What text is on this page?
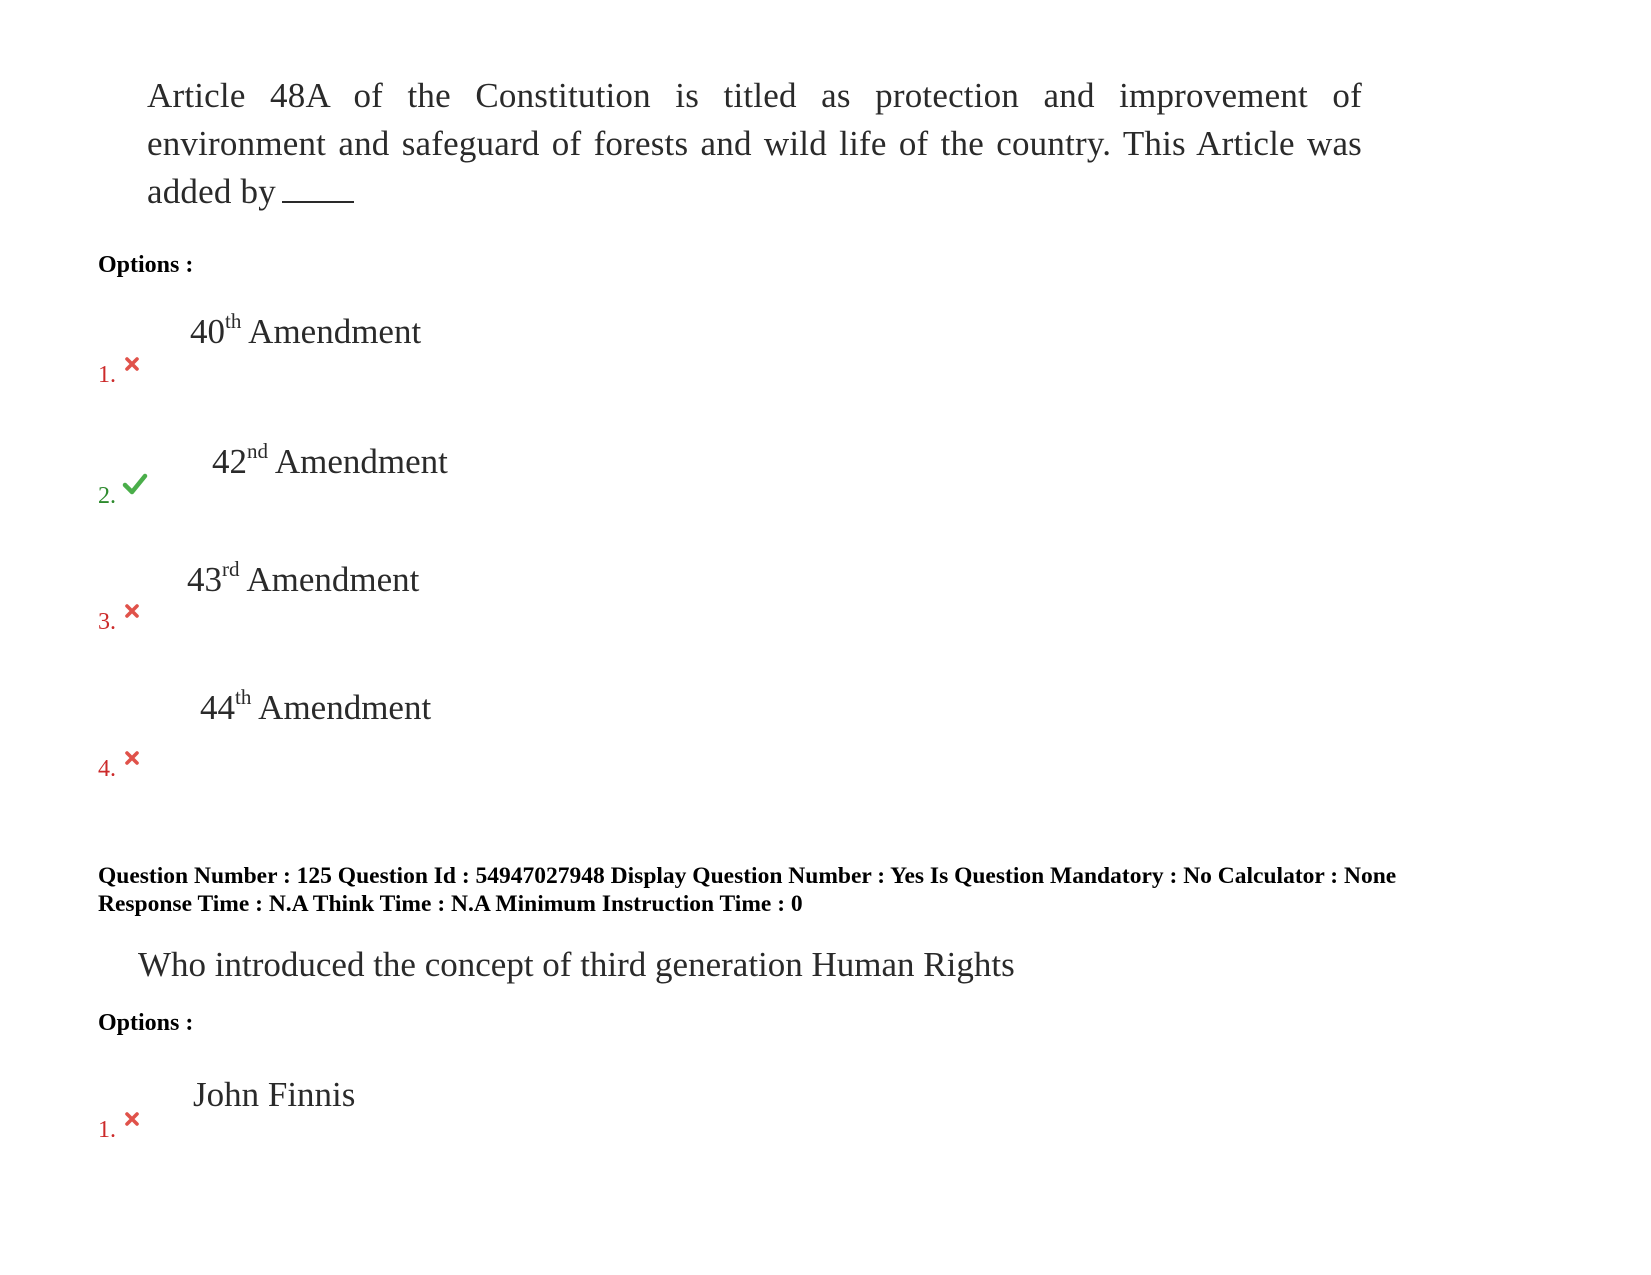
Article 48A of the Constitution is titled as protection and improvement of
environment and safeguard of forests and wild life of the country. This Article was
added by
Options :
40th Amendment
1.
42nd Amendment
2.
43rd Amendment
3.
44th Amendment
4.
Question Number : 125 Question Id : 54947027948 Display Question Number : Yes Is Question Mandatory : No Calculator : None
Response Time : N.A Think Time : N.A Minimum Instruction Time : 0
Who introduced the concept of third generation Human Rights
Options :
John Finnis
1.
